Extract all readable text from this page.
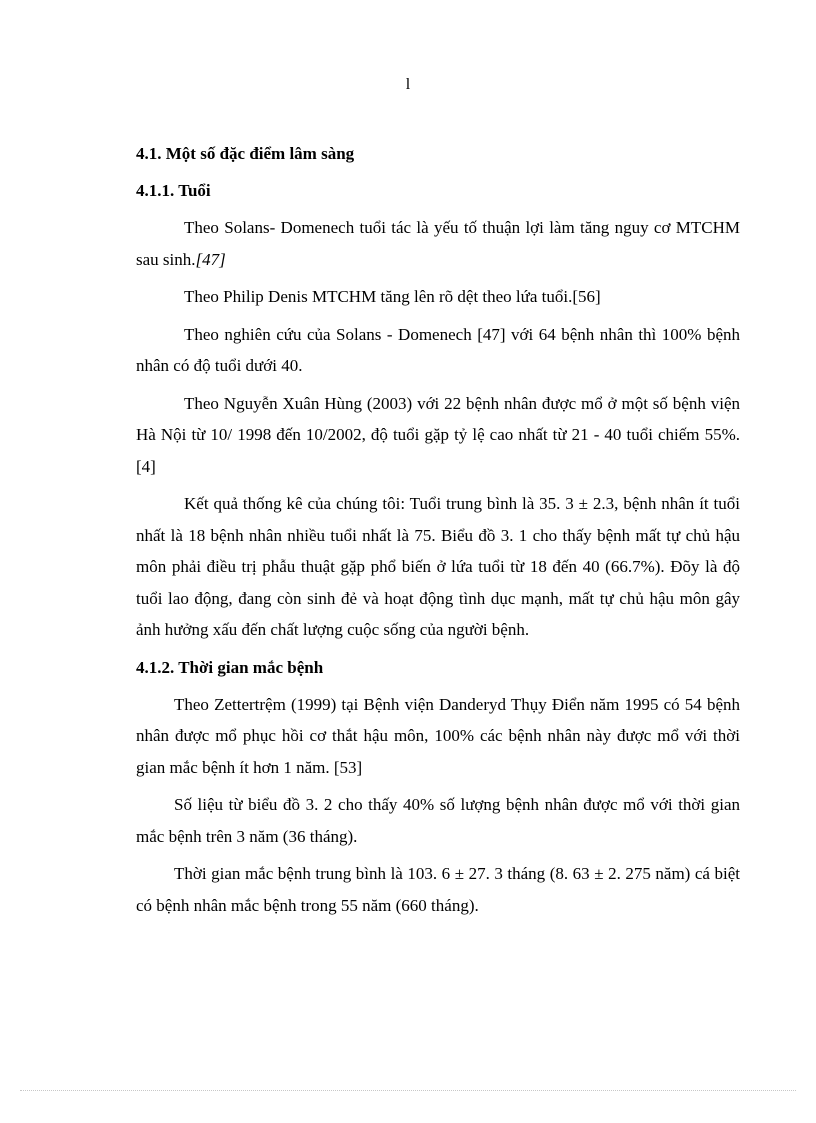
l
4.1. Một số đặc điểm lâm sàng
4.1.1. Tuổi

Theo Solans- Domenech tuổi tác là yếu tố thuận lợi làm tăng nguy cơ MTCHM sau sinh.[47]

Theo Philip Denis MTCHM tăng lên rõ dệt theo lứa tuổi.[56]

Theo nghiên cứu của Solans - Domenech [47] với 64 bệnh nhân thì 100% bệnh nhân có độ tuổi dưới 40.

Theo Nguyễn Xuân Hùng (2003) với 22 bệnh nhân được mổ ở một số bệnh viện Hà Nội từ 10/ 1998 đến 10/2002, độ tuổi gặp tỷ lệ cao nhất từ 21 - 40 tuổi chiếm 55%.[4]

Kết quả thống kê của chúng tôi: Tuổi trung bình là 35. 3 ± 2.3, bệnh nhân ít tuổi nhất là 18 bệnh nhân nhiều tuổi nhất là 75. Biểu đồ 3. 1 cho thấy bệnh mất tự chủ hậu môn phải điều trị phẫu thuật gặp phổ biến ở lứa tuổi từ 18 đến 40 (66.7%). Đõy là độ tuổi lao động, đang còn sinh đẻ và hoạt động tình dục mạnh, mất tự chủ hậu môn gây ảnh hưởng xấu đến chất lượng cuộc sống của người bệnh.

4.1.2. Thời gian mắc bệnh

Theo Zettertrệm (1999) tại Bệnh viện Danderyd Thụy Điển năm 1995 có 54 bệnh nhân được mổ phục hồi cơ thắt hậu môn, 100% các bệnh nhân này được mổ với thời gian mắc bệnh ít hơn 1 năm. [53]

Số liệu từ biểu đồ 3. 2 cho thấy 40% số lượng bệnh nhân được mổ với thời gian mắc bệnh trên 3 năm (36 tháng).

Thời gian mắc bệnh trung bình là 103. 6 ± 27. 3 tháng (8. 63 ± 2. 275 năm) cá biệt có bệnh nhân mắc bệnh trong 55 năm (660 tháng).
